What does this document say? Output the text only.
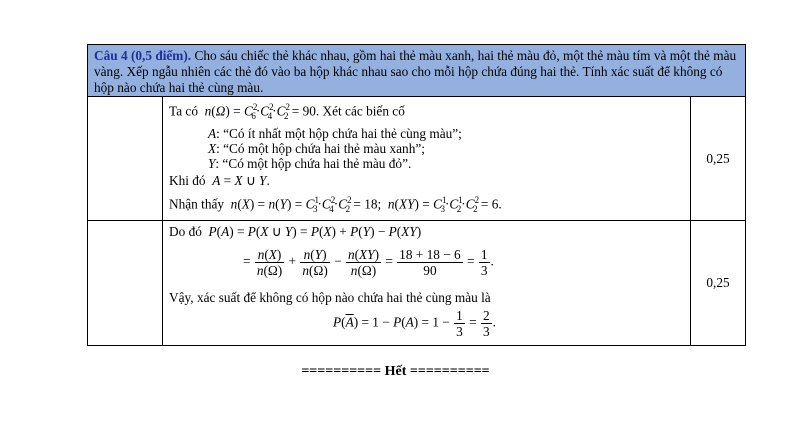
Câu 4 (0,5 điểm). Cho sáu chiếc thẻ khác nhau, gồm hai thẻ màu xanh, hai thẻ màu đỏ, một thẻ màu tím và một thẻ màu vàng. Xếp ngẫu nhiên các thẻ đó vào ba hộp khác nhau sao cho mỗi hộp chứa đúng hai thẻ. Tính xác suất để không có hộp nào chứa hai thẻ cùng màu.
Ta có  $n(\Omega) = C^2_6\cdot C^2_4\cdot C^2_2 = 90$. Xét các biến cố
A: “Có ít nhất một hộp chứa hai thẻ cùng màu”;
X: “Có một hộp chứa hai thẻ màu xanh”;
Y: “Có một hộp chứa hai thẻ màu đỏ”.
Khi đó  A = X ∪ Y.
Nhận thấy  $n(X) = n(Y) = C^1_3\cdot C^2_4\cdot C^2_2 = 18$;  $n(XY) = C^1_3\cdot C^1_2\cdot C^2_2 = 6$.
0,25
Do đó  P(A) = P(X ∪ Y) = P(X) + P(Y) − P(XY)
= $\frac{n(X)}{n(\Omega)} + \frac{n(Y)}{n(\Omega)} - \frac{n(XY)}{n(\Omega)} = \frac{18 + 18 - 6}{90} = \frac{1}{3}$ .
Vậy, xác suất để không có hộp nào chứa hai thẻ cùng màu là
$P(\overline{A}) = 1 - P(A) = 1 - \frac{1}{3} = \frac{2}{3}$ .
0,25
========== Hết ==========
